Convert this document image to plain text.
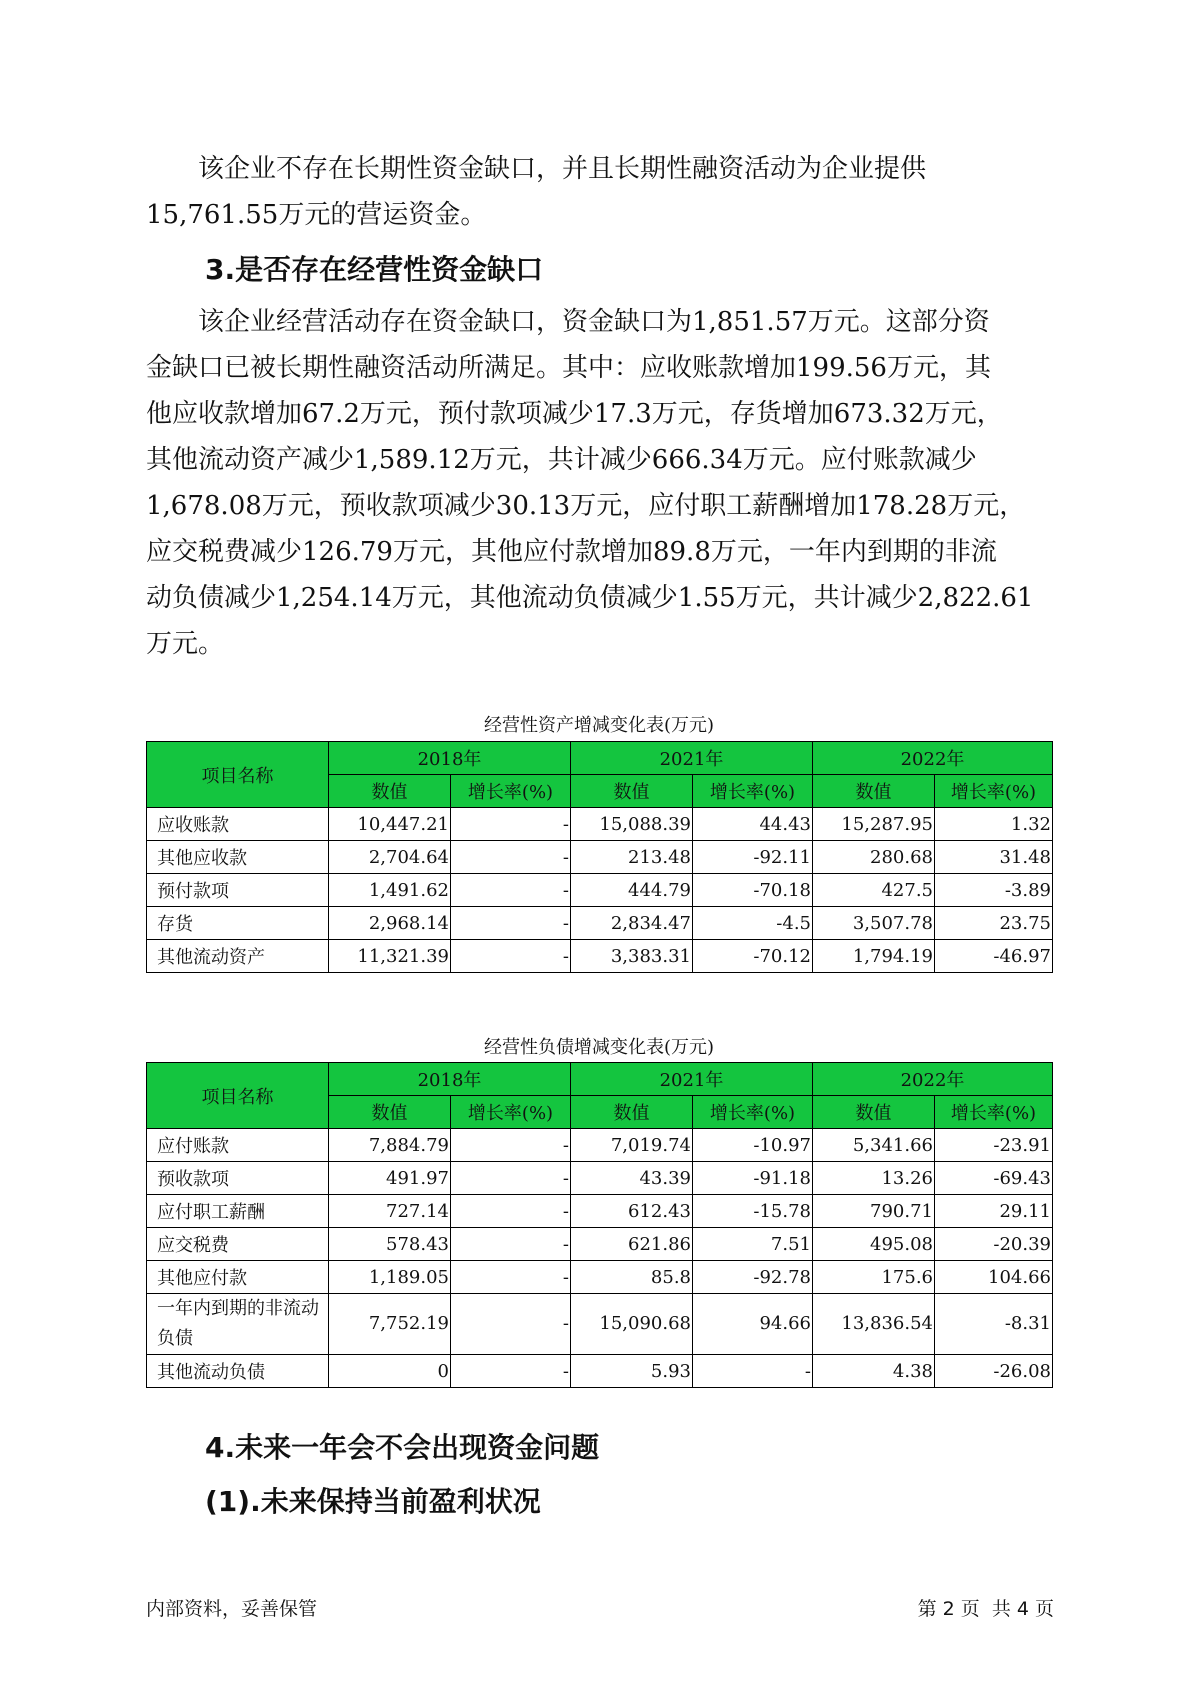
该企业不存在长期性资金缺口，并且长期性融资活动为企业提供

15,761.55万元的营运资金。

3.是否存在经营性资金缺口

该企业经营活动存在资金缺口，资金缺口为1,851.57万元。这部分资

金缺口已被长期性融资活动所满足。其中：应收账款增加199.56万元，其

他应收款增加67.2万元，预付款项减少17.3万元，存货增加673.32万元，

其他流动资产减少1,589.12万元，共计减少666.34万元。应付账款减少

1,678.08万元，预收款项减少30.13万元，应付职工薪酬增加178.28万元，

应交税费减少126.79万元，其他应付款增加89.8万元，一年内到期的非流

动负债减少1,254.14万元，其他流动负债减少1.55万元，共计减少2,822.61

万元。

经营性资产增减变化表(万元)
项目名称	2018年		2021年		2022年	
	数值	增长率(%)	数值	增长率(%)	数值	增长率(%)
应收账款	10,447.21	-	15,088.39	44.43	15,287.95	1.32
其他应收款	2,704.64	-	213.48	-92.11	280.68	31.48
预付款项	1,491.62	-	444.79	-70.18	427.5	-3.89
存货	2,968.14	-	2,834.47	-4.5	3,507.78	23.75
其他流动资产	11,321.39	-	3,383.31	-70.12	1,794.19	-46.97
经营性负债增减变化表(万元)
项目名称	2018年		2021年		2022年	
	数值	增长率(%)	数值	增长率(%)	数值	增长率(%)
应付账款	7,884.79	-	7,019.74	-10.97	5,341.66	-23.91
预收款项	491.97	-	43.39	-91.18	13.26	-69.43
应付职工薪酬	727.14	-	612.43	-15.78	790.71	29.11
应交税费	578.43	-	621.86	7.51	495.08	-20.39
其他应付款	1,189.05	-	85.8	-92.78	175.6	104.66
一年内到期的非流动负债	7,752.19	-	15,090.68	94.66	13,836.54	-8.31
其他流动负债	0	-	5.93	-	4.38	-26.08
4.未来一年会不会出现资金问题
(1).未来保持当前盈利状况
内部资料，妥善保管	第 2 页  共 4 页
